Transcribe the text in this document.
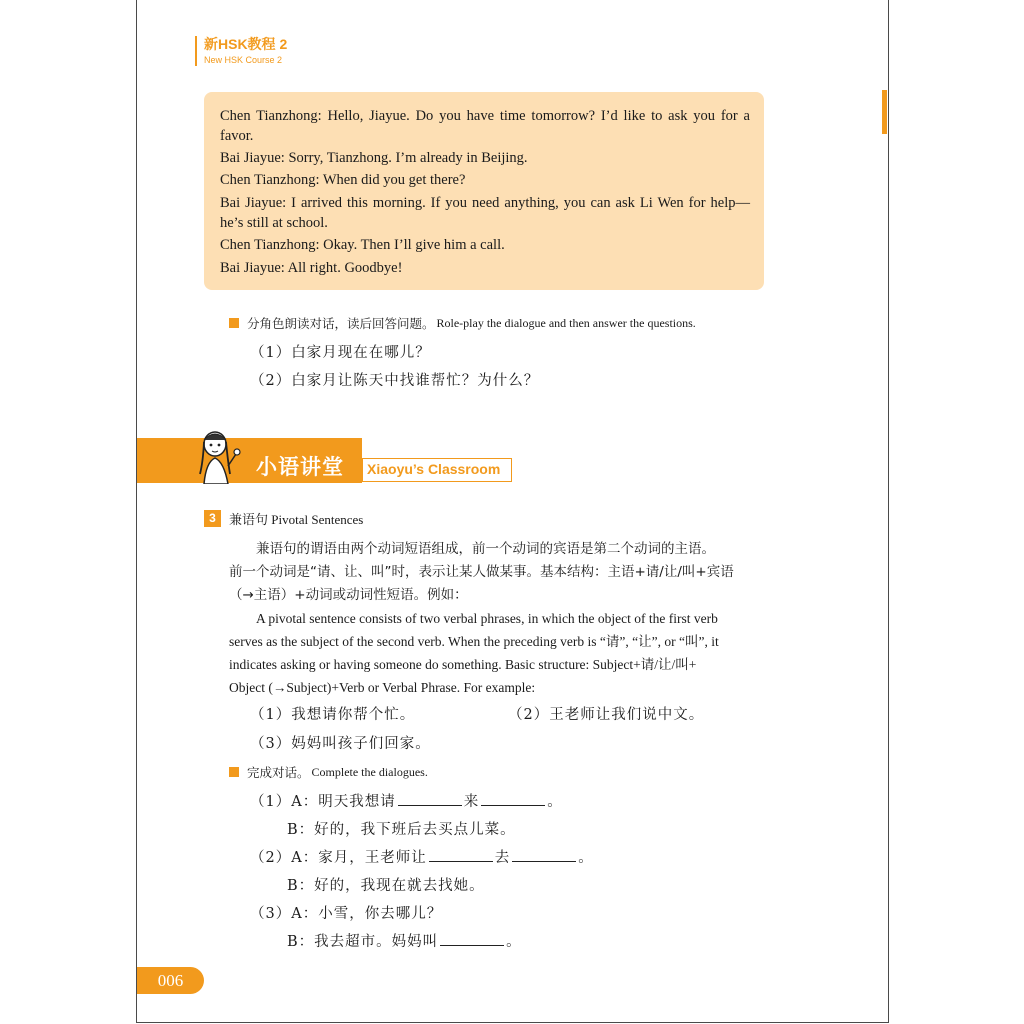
新HSK教程 2
New HSK Course 2
Chen Tianzhong: Hello, Jiayue. Do you have time tomorrow? I’d like to ask you for a favor.
Bai Jiayue: Sorry, Tianzhong. I’m already in Beijing.
Chen Tianzhong: When did you get there?
Bai Jiayue: I arrived this morning. If you need anything, you can ask Li Wen for help—he’s still at school.
Chen Tianzhong: Okay. Then I’ll give him a call.
Bai Jiayue: All right. Goodbye!
分角色朗读对话，读后回答问题。 Role-play the dialogue and then answer the questions.
（1）白家月现在在哪儿？
（2）白家月让陈天中找谁帮忙？为什么？
小语讲堂	Xiaoyu’s Classroom
3	兼语句 Pivotal Sentences
兼语句的谓语由两个动词短语组成，前一个动词的宾语是第二个动词的主语。
前一个动词是“请、让、叫”时，表示让某人做某事。基本结构：主语+请/让/叫+宾语
（→主语）+动词或动词性短语。例如：
A pivotal sentence consists of two verbal phrases, in which the object of the first verb
serves as the subject of the second verb. When the preceding verb is “请”, “让”, or “叫”, it
indicates asking or having someone do something. Basic structure: Subject+请/让/叫+
Object (→Subject)+Verb or Verbal Phrase. For example:
（1）我想请你帮个忙。	（2）王老师让我们说中文。
（3）妈妈叫孩子们回家。
完成对话。 Complete the dialogues.
（1）A：明天我想请	来	。
B：好的，我下班后去买点儿菜。
（2）A：家月，王老师让	去	。
B：好的，我现在就去找她。
（3）A：小雪，你去哪儿？
B：我去超市。妈妈叫	。
006
